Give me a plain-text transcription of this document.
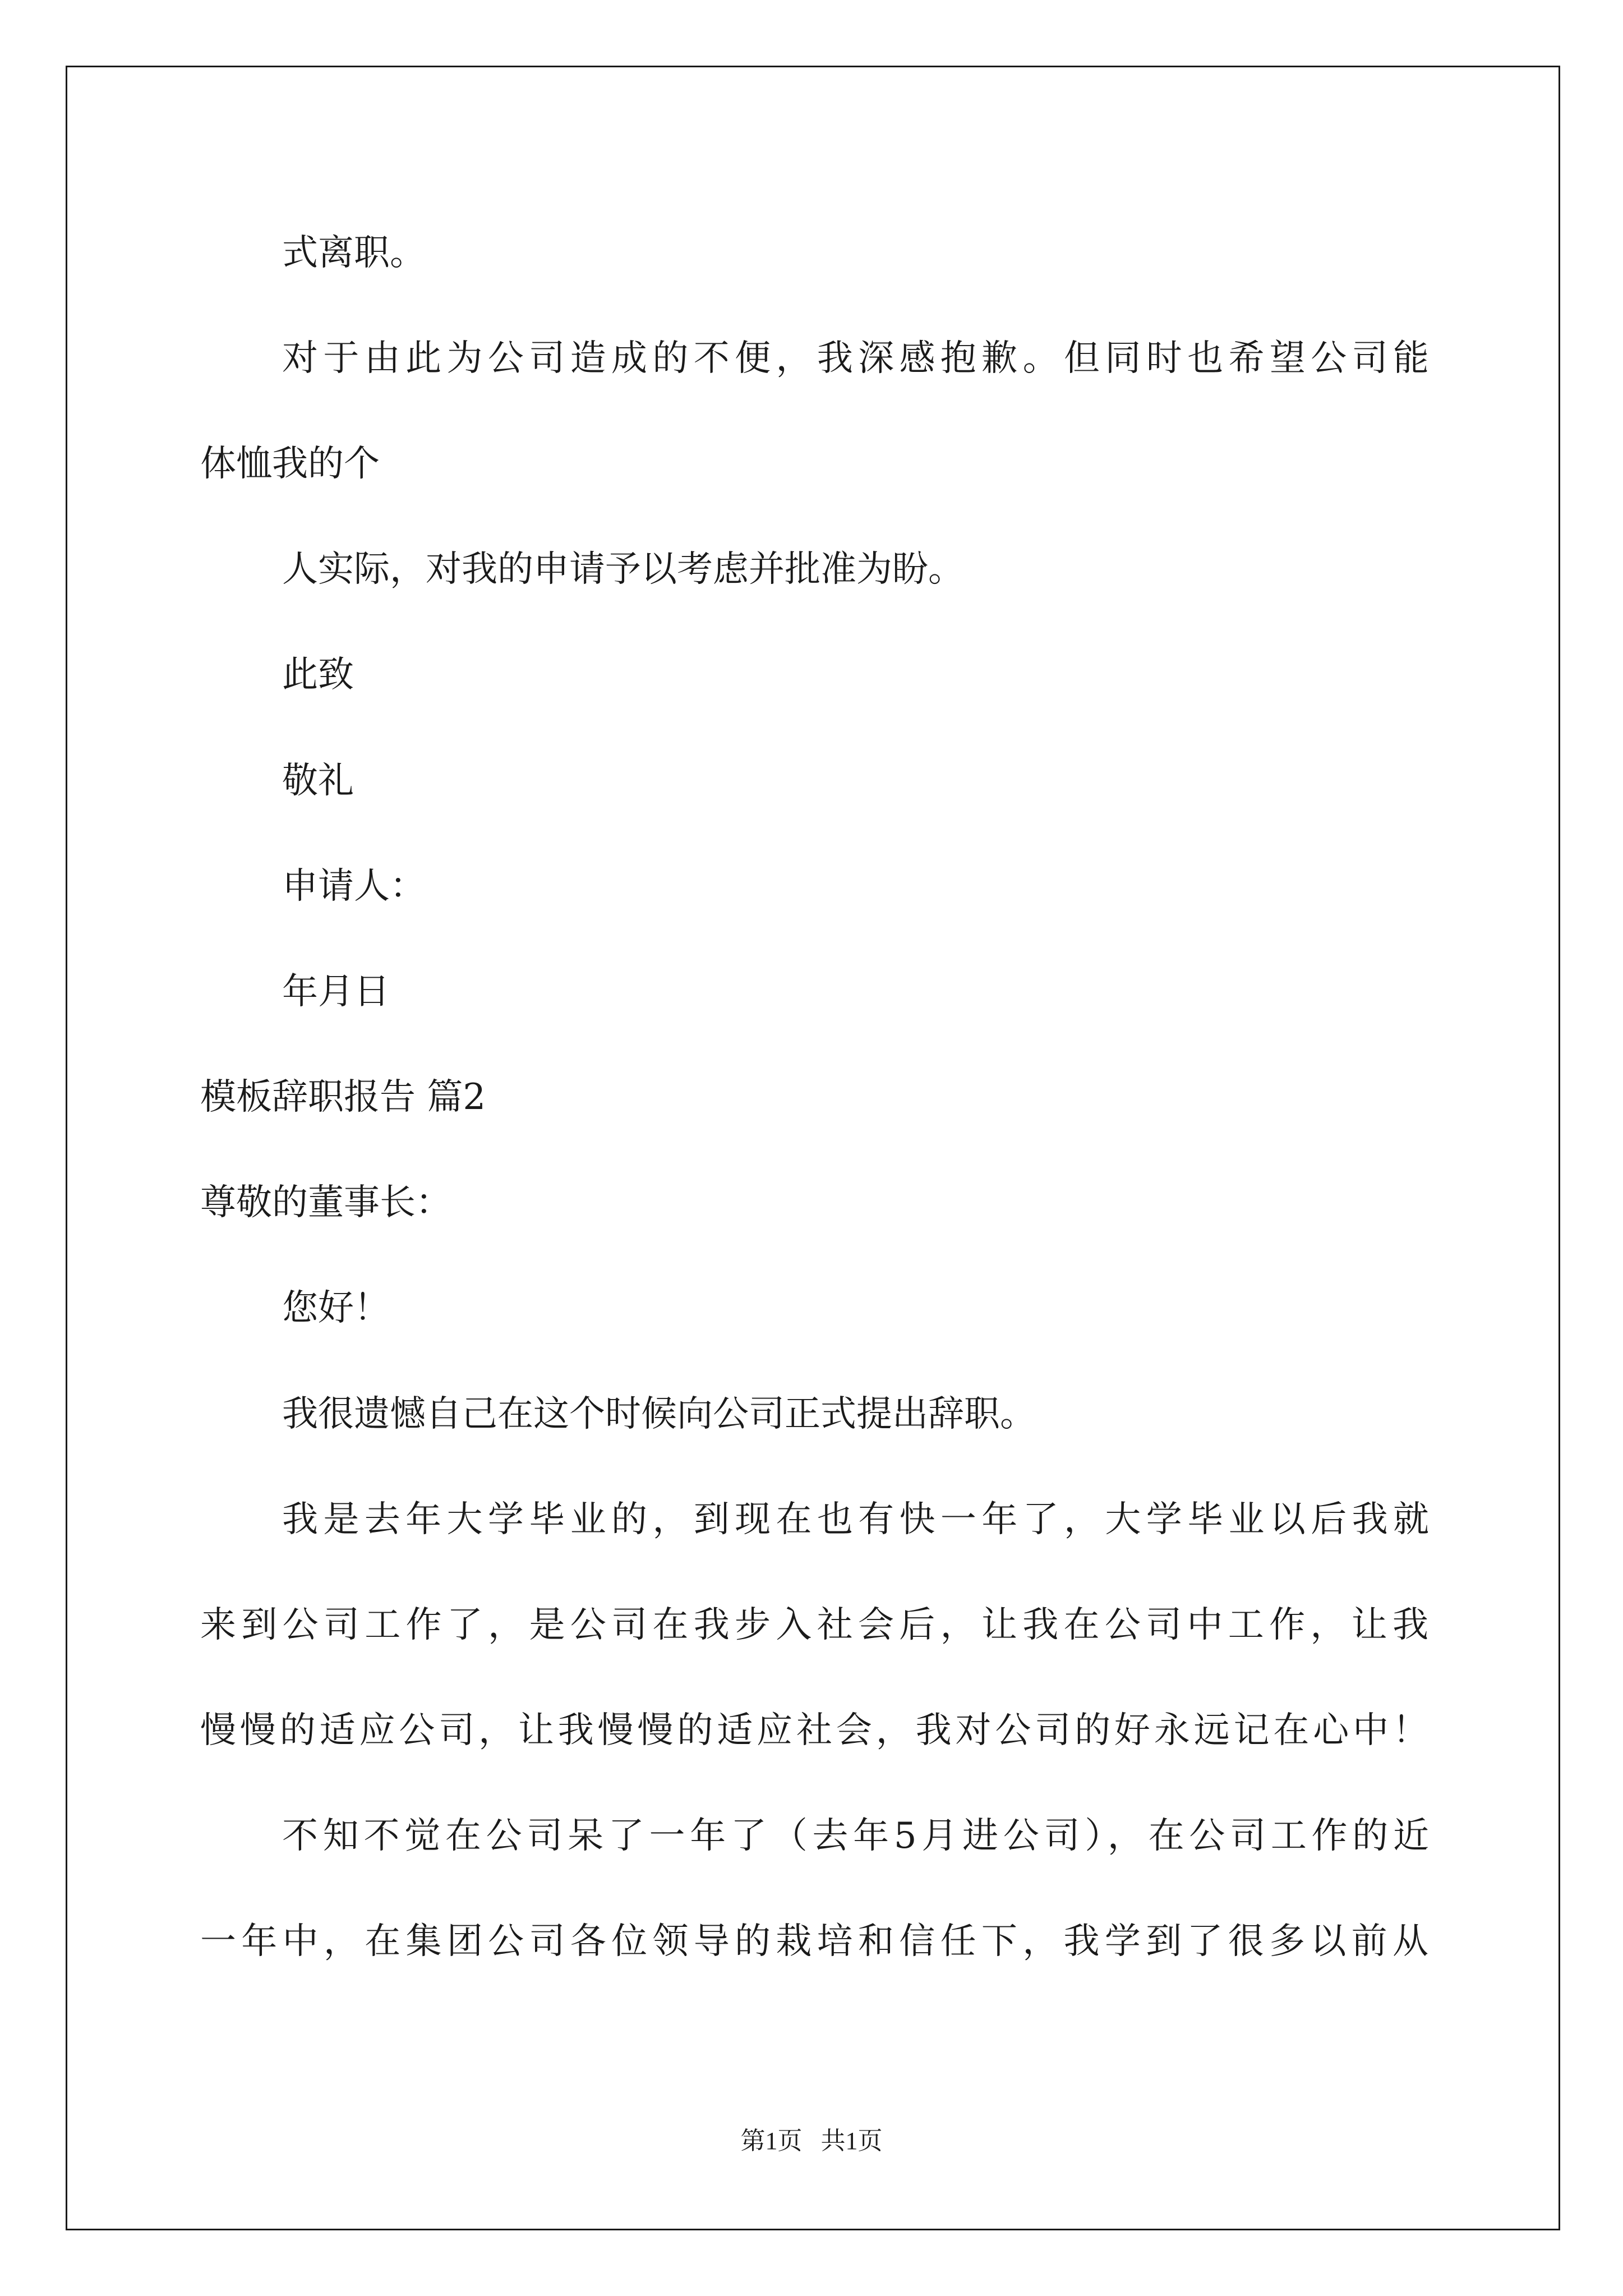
式离职。

对于由此为公司造成的不便，我深感抱歉。但同时也希望公司能

体恤我的个

人实际，对我的申请予以考虑并批准为盼。

此致

敬礼

申请人：

年月日

模板辞职报告 篇2

尊敬的董事长：

您好！

我很遗憾自己在这个时候向公司正式提出辞职。

我是去年大学毕业的，到现在也有快一年了，大学毕业以后我就

来到公司工作了，是公司在我步入社会后，让我在公司中工作，让我

慢慢的适应公司，让我慢慢的适应社会，我对公司的好永远记在心中！

不知不觉在公司呆了一年了（去年5月进公司），在公司工作的近

一年中，在集团公司各位领导的栽培和信任下，我学到了很多以前从

第1页   共1页
